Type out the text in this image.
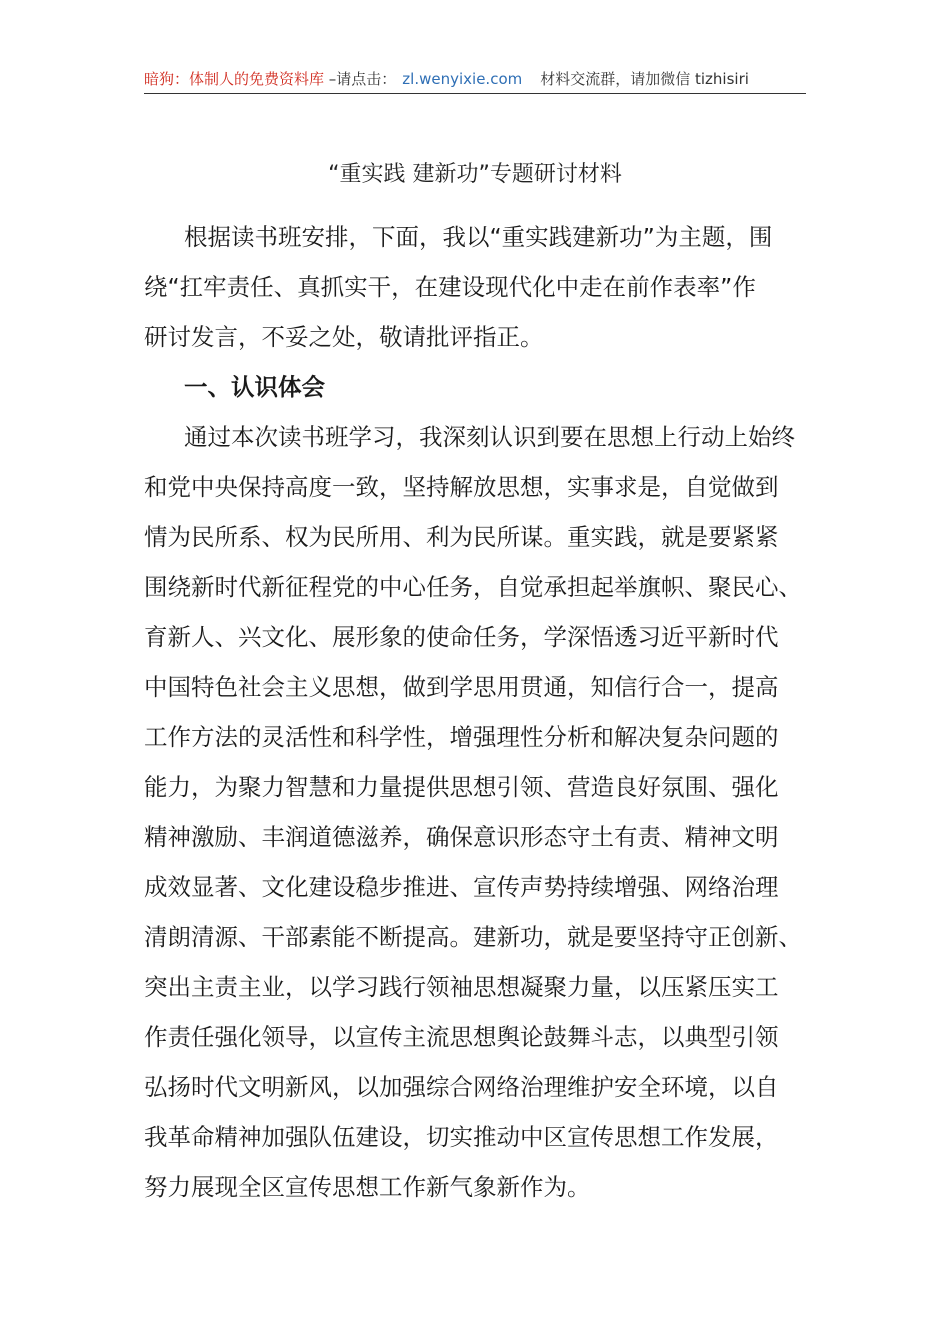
暗狗：体制人的免费资料库 –请点击： zl.wenyixie.com 材料交流群，请加微信 tizhisiri
“重实践 建新功”专题研讨材料
根据读书班安排，下面，我以“重实践建新功”为主题，围
绕“扛牢责任、真抓实干，在建设现代化中走在前作表率”作
研讨发言，不妥之处，敬请批评指正。
一、认识体会
通过本次读书班学习，我深刻认识到要在思想上行动上始终
和党中央保持高度一致，坚持解放思想，实事求是，自觉做到
情为民所系、权为民所用、利为民所谋。重实践，就是要紧紧
围绕新时代新征程党的中心任务，自觉承担起举旗帜、聚民心、
育新人、兴文化、展形象的使命任务，学深悟透习近平新时代
中国特色社会主义思想，做到学思用贯通，知信行合一，提高
工作方法的灵活性和科学性，增强理性分析和解决复杂问题的
能力，为聚力智慧和力量提供思想引领、营造良好氛围、强化
精神激励、丰润道德滋养，确保意识形态守土有责、精神文明
成效显著、文化建设稳步推进、宣传声势持续增强、网络治理
清朗清源、干部素能不断提高。建新功，就是要坚持守正创新、
突出主责主业，以学习践行领袖思想凝聚力量，以压紧压实工
作责任强化领导，以宣传主流思想舆论鼓舞斗志，以典型引领
弘扬时代文明新风，以加强综合网络治理维护安全环境，以自
我革命精神加强队伍建设，切实推动中区宣传思想工作发展，
努力展现全区宣传思想工作新气象新作为。
